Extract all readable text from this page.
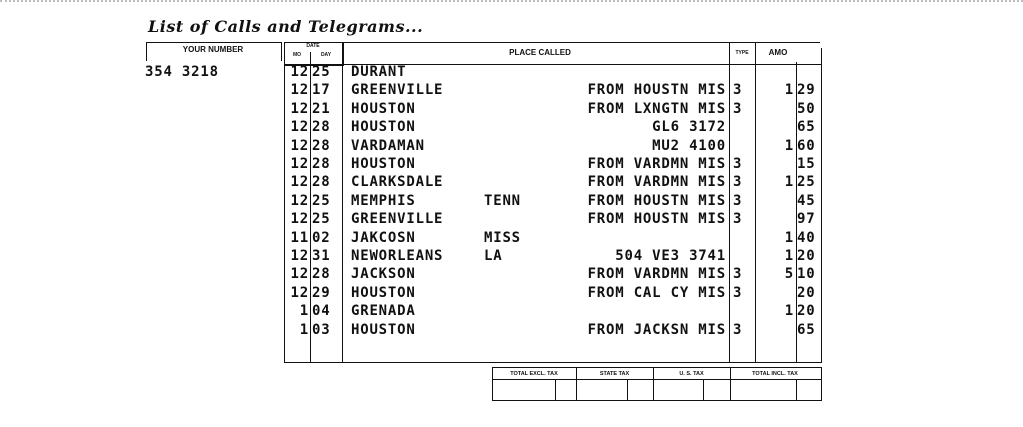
List of Calls and Telegrams...
YOUR NUMBER	DATE
MO	DAY	PLACE CALLED	TYPE	AMO
354 3218	12 25	DURANT
12 17	GREENVILLE	FROM HOUSTN MIS 3	1 29
12 21	HOUSTON	FROM LXNGTN MIS 3	50
12 28	HOUSTON	GL6 3172	65
12 28	VARDAMAN	MU2 4100	1 60
12 28	HOUSTON	FROM VARDMN MIS 3	15
12 28	CLARKSDALE	FROM VARDMN MIS 3	1 25
12 25	MEMPHIS	TENN	FROM HOUSTN MIS 3	45
12 25	GREENVILLE	FROM HOUSTN MIS 3	97
11 02	JAKCOSN	MISS	1 40
12 31	NEWORLEANS	LA	504 VE3 3741	1 20
12 28	JACKSON	FROM VARDMN MIS 3	5 10
12 29	HOUSTON	FROM CAL CY MIS 3	20
1 04	GRENADA	1 20
1 03	HOUSTON	FROM JACKSN MIS 3	65
TOTAL EXCL. TAX	STATE TAX	U. S. TAX	TOTAL INCL. TAX
